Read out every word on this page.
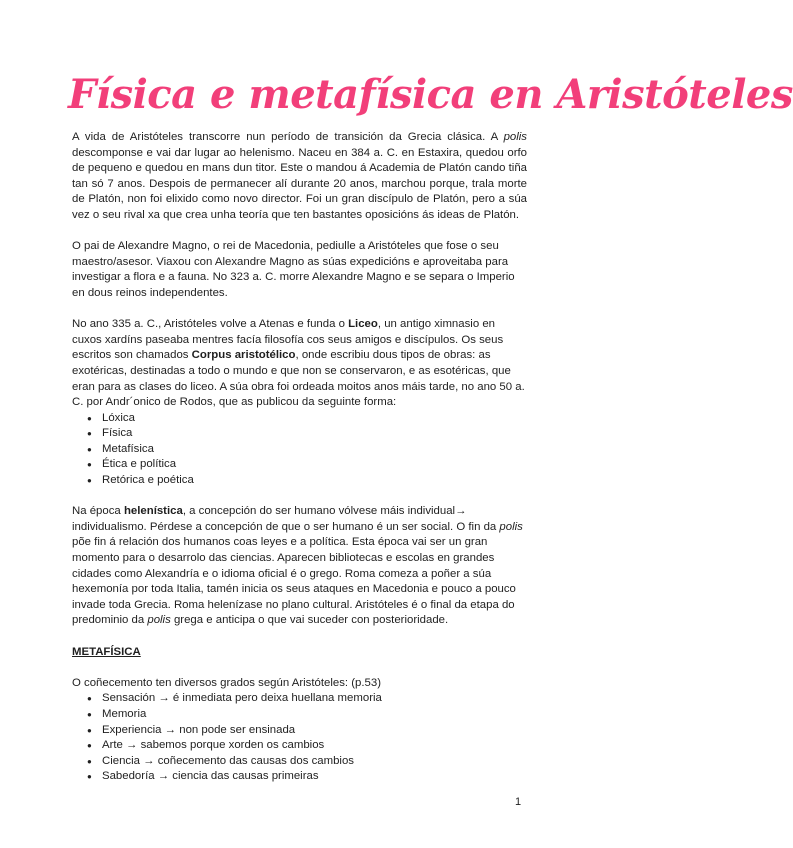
Física e metafísica en Aristóteles

A vida de Aristóteles transcorre nun período de transición da Grecia clásica. A polis descomponse e vai dar lugar ao helenismo. Naceu en 384 a. C. en Estaxira, quedou orfo de pequeno e quedou en mans dun titor. Este o mandou á Academia de Platón cando tiña tan só 7 anos. Despois de permanecer alí durante 20 anos, marchou porque, trala morte de Platón, non foi elixido como novo director. Foi un gran discípulo de Platón, pero a súa vez o seu rival xa que crea unha teoría que ten bastantes oposicións ás ideas de Platón.

O pai de Alexandre Magno, o rei de Macedonia, pediulle a Aristóteles que fose o seu maestro/asesor. Viaxou con Alexandre Magno as súas expedicións e aproveitaba para investigar a flora e a fauna. No 323 a. C. morre Alexandre Magno e se separa o Imperio en dous reinos independentes.

No ano 335 a. C., Aristóteles volve a Atenas e funda o Liceo, un antigo ximnasio en cuxos xardíns paseaba mentres facía filosofía cos seus amigos e discípulos. Os seus escritos son chamados Corpus aristotélico, onde escribiu dous tipos de obras: as exotéricas, destinadas a todo o mundo e que non se conservaron, e as esotéricas, que eran para as clases do liceo. A súa obra foi ordeada moitos anos máis tarde, no ano 50 a. C. por Andr´onico de Rodos, que as publicou da seguinte forma:

● Lóxica
● Física
● Metafísica
● Ética e política
● Retórica e poética

Na época helenística, a concepción do ser humano vólvese máis individual→ individualismo. Pérdese a concepción de que o ser humano é un ser social. O fin da polis põe fin á relación dos humanos coas leyes e a política. Esta época vai ser un gran momento para o desarrolo das ciencias. Aparecen bibliotecas e escolas en grandes cidades como Alexandría e o idioma oficial é o grego. Roma comeza a poñer a súa hexemonía por toda Italia, tamén inicia os seus ataques en Macedonia e pouco a pouco invade toda Grecia. Roma helenízase no plano cultural. Aristóteles é o final da etapa do predominio da polis grega e anticipa o que vai suceder con posterioridade.

METAFÍSICA

O coñecemento ten diversos grados según Aristóteles: (p.53)

● Sensación → é inmediata pero deixa huellana memoria
● Memoria
● Experiencia → non pode ser ensinada
● Arte → sabemos porque xorden os cambios
● Ciencia → coñecemento das causas dos cambios
● Sabedoría → ciencia das causas primeiras
1
